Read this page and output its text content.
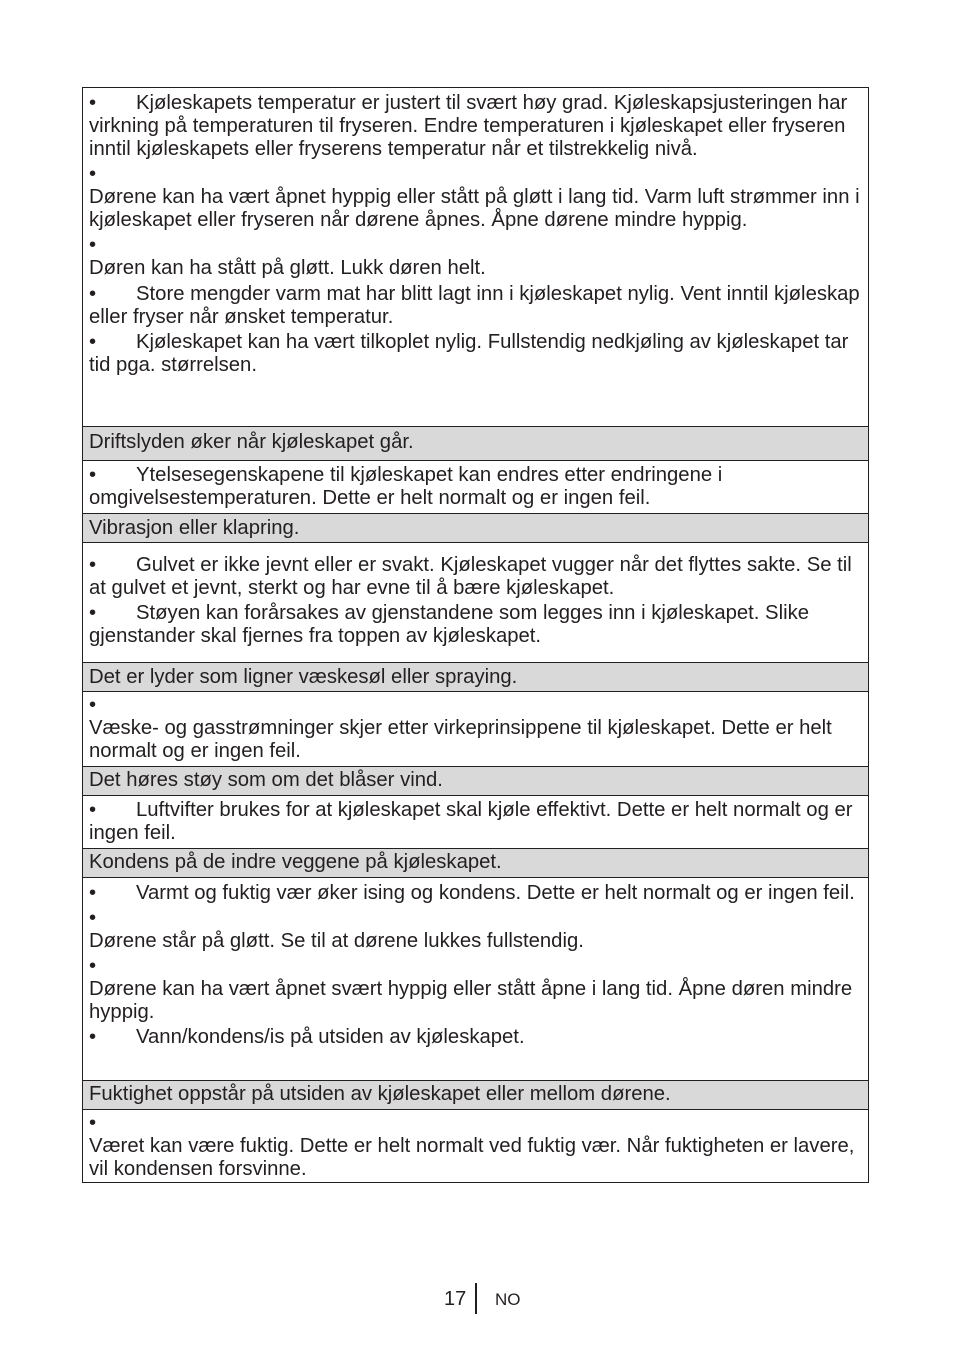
• Kjøleskapets temperatur er justert til svært høy grad. Kjøleskapsjusteringen har virkning på temperaturen til fryseren. Endre temperaturen i kjøleskapet eller fryseren inntil kjøleskapets eller fryserens temperatur når et tilstrekkelig nivå.

•
Dørene kan ha vært åpnet hyppig eller stått på gløtt i lang tid. Varm luft strømmer inn i kjøleskapet eller fryseren når dørene åpnes. Åpne dørene mindre hyppig.

•
Døren kan ha stått på gløtt. Lukk døren helt.

• Store mengder varm mat har blitt lagt inn i kjøleskapet nylig. Vent inntil kjøleskap eller fryser når ønsket temperatur.

• Kjøleskapet kan ha vært tilkoplet nylig. Fullstendig nedkjøling av kjøleskapet tar tid pga. størrelsen.

Driftslyden øker når kjøleskapet går.

• Ytelsesegenskapene til kjøleskapet kan endres etter endringene i omgivelsestemperaturen. Dette er helt normalt og er ingen feil.

Vibrasjon eller klapring.

• Gulvet er ikke jevnt eller er svakt. Kjøleskapet vugger når det flyttes sakte. Se til at gulvet et jevnt, sterkt og har evne til å bære kjøleskapet.

• Støyen kan forårsakes av gjenstandene som legges inn i kjøleskapet. Slike gjenstander skal fjernes fra toppen av kjøleskapet.

Det er lyder som ligner væskesøl eller spraying.

•
Væske- og gasstrømninger skjer etter virkeprinsippene til kjøleskapet. Dette er helt normalt og er ingen feil.

Det høres støy som om det blåser vind.

• Luftvifter brukes for at kjøleskapet skal kjøle effektivt. Dette er helt normalt og er ingen feil.

Kondens på de indre veggene på kjøleskapet.

• Varmt og fuktig vær øker ising og kondens. Dette er helt normalt og er ingen feil.

•
Dørene står på gløtt. Se til at dørene lukkes fullstendig.

•
Dørene kan ha vært åpnet svært hyppig eller stått åpne i lang tid. Åpne døren mindre hyppig.

• Vann/kondens/is på utsiden av kjøleskapet.

Fuktighet oppstår på utsiden av kjøleskapet eller mellom dørene.

•
Været kan være fuktig. Dette er helt normalt ved fuktig vær. Når fuktigheten er lavere, vil kondensen forsvinne.

17 NO
